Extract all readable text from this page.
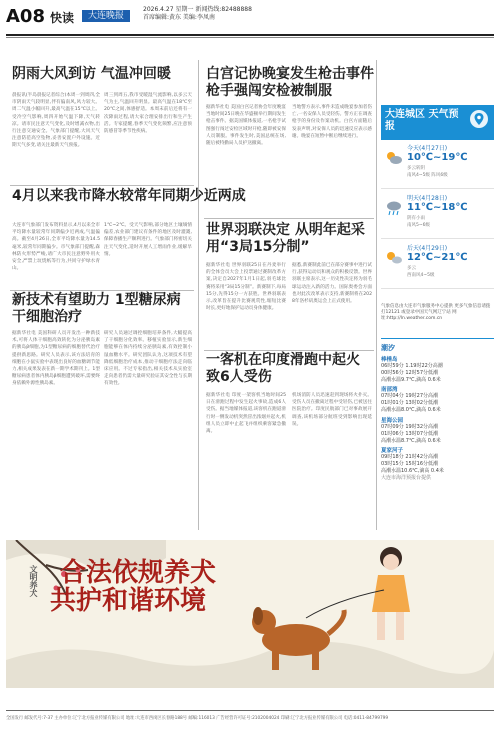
A08 快读	大连晚报
2026.4.27 星期一 新闻热线:82488888
首席编辑:黄东 美编:李凤南
阴雨大风到访 气温冲回暖
晨报讯(半岛晨报记者综合)本周一到周四,全市阴雨天气较明显,伴有偏南风,风力较大。周二气温小幅回升,最高气温在15℃以上。受冷空气影响,周四开始气温下降,天气转凉。请市民注意天气变化,及时增减衣物,出行注意交通安全。气象部门提醒,大风天气注意防范高空坠物,妥善安置户外设施。近期天气多变,请关注最新天气预报。
周三到周五,我市受暖湿气流影响,以多云天气为主,气温回升明显。最高气温在18℃至20℃之间,体感舒适。本周末前后还将有一次降雨过程,请大家合理安排出行和生产生活。专家提醒,春季天气变化频繁,应注意预防感冒等季节性疾病。
4月以来我市降水较常年同期少近两成
大连市气象部门发布资料显示,4月以来全市平均降水量较常年同期偏少近两成,气温偏高。截至4月26日,全市平均降水量为14.5毫米,较常年同期偏少。市气象部门提醒,森林防火形势严峻,请广大市民注意野外用火安全,严禁上坟烧纸等行为,共同守护绿水青山。
1℃~2℃。受天气影响,部分地区土壤墒情偏差,农业部门建议有条件的地区及时灌溉,保障春播生产顺利进行。气象部门将密切关注天气变化,适时开展人工增雨作业,缓解旱情。
新技术有望助力 1型糖尿病干细胞治疗
据新华社电 美国科研人员开发出一种新技术,可将人体干细胞高效转化为分泌胰岛素的胰岛β细胞,为1型糖尿病的细胞替代治疗提供新思路。研究人员表示,该方法培育的细胞在小鼠实验中表现出良好的血糖调节能力,相关成果发表在新一期学术期刊上。1型糖尿病患者体内胰岛β细胞遭到破坏,需要终身依赖外源性胰岛素。
研究人员通过调控细胞培养条件,大幅提高了干细胞分化效率。移植实验显示,新生细胞能够在体内持续分泌胰岛素,有效控制小鼠血糖水平。研究团队认为,这项技术有望降低细胞治疗成本,推动干细胞疗法走向临床应用。不过专家指出,相关技术从实验室走向患者仍需大量研究验证其安全性与长期有效性。
白宫记协晚宴发生枪击事件 枪手强闯安检被制服
据新华社电 美国白宫记者协会年度晚宴当地时间25日晚在华盛顿举行期间发生枪击事件。据美国媒体报道,一名枪手试图强行闯过安检区域时开枪,随即被安保人员制服。事件发生时,美国总统在场,随后被特勤局人员护送撤离。
当地警方表示,事件未造成晚宴参加者伤亡,一名安保人员受轻伤。警方正在调查枪手的身份及作案动机。白宫方面随后发表声明,对安保人员的迅速反应表示感谢。晚宴在短暂中断后继续进行。
世界羽联决定 从明年起采用“3局15分制”
据新华社电 世界羽联25日在丹麦举行的全体会员大会上投票通过赛制改革方案,决定自2027年1月1日起,羽毛球比赛将采用“3局15分制”。新赛制下,每局15分,先得15分一方获胜。世界羽联表示,改革旨在提升比赛观赏性,缩短比赛时长,更好地保护运动员身体健康。
据悉,新赛制此前已在部分赛事中进行试行,获得运动员和观众的积极反馈。世界羽联主席表示,这一历史性决定将为羽毛球运动注入新的活力。国际奥委会方面也对此次改革表示支持,新赛制将在2028年洛杉矶奥运会上正式使用。
一客机在印度滑跑中起火 致6人受伤
据新华社电 印度一架客机当地时间25日在滑跑过程中发生起火事故,造成6人受伤。据当地媒体报道,该客机在跑道滑行时一侧发动机突然冒出浓烟并起火,机组人员立即中止起飞并组织乘客紧急撤离。
机场消防人员迅速赶到现场将火扑灭。受伤人员在撤离过程中受轻伤,已被送往医院治疗。印度民航部门已对事故展开调查,该机场部分航班受到影响出现延误。
大连城区 天气预报
今天(4月27日)
10℃~19℃
多云转阴
南风4~5级 阵风6级
明天(4月28日)
11℃~18℃
阴有小雨
南风5~6级
后天(4月29日)
12℃~21℃
多云
西南风4~5级
气象信息由大连市气象服务中心提供 更多气象信息请拨打12121 或登录中国天气网辽宁站 网址:http://ln.weather.com.cn
潮汐
棒棰岛
06时59分 1.19时22分高潮
00时56分 12时57分低潮
高潮水温9.7℃,滴高 0.6米
南部湾
07时04分 19时27分高潮
01时01分 13时02分低潮
高潮水温8.0℃,滴高 0.6米
星海公园
07时09分 19时32分高潮
01时06分 13时07分低潮
高潮水温8.7℃,滴高 0.6米
夏家河子
09时18分 21时42分高潮
03时15分 15时16分低潮
高潮水温10.6℃,滴高 0.4米
大连市海洋预报台提供
文明养犬 合法依规养犬
共护和谐环境
全国发行 邮发代号:7-37 主办单位:辽宁北方报业传媒有限公司 地址:大连市西岗区长春路188号 邮编:116013 广告经营许可证号:2102004024 印刷:辽宁北方报业传媒有限公司 电话:0411-84799799
